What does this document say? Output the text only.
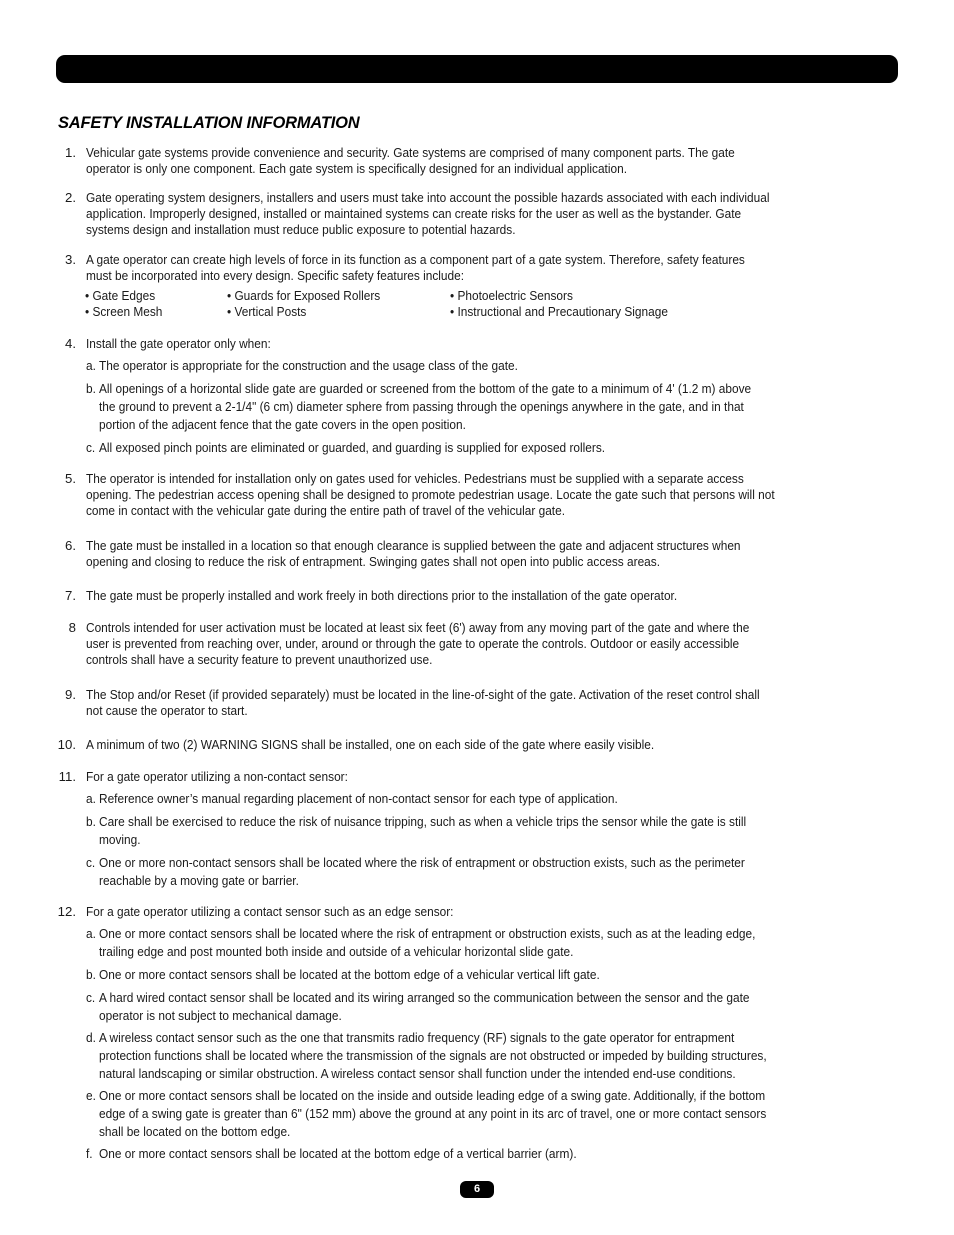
SAFETY INSTALLATION INFORMATION
1. Vehicular gate systems provide convenience and security. Gate systems are comprised of many component parts. The gate
operator is only one component. Each gate system is specifically designed for an individual application.
2. Gate operating system designers, installers and users must take into account the possible hazards associated with each individual
application. Improperly designed, installed or maintained systems can create risks for the user as well as the bystander. Gate
systems design and installation must reduce public exposure to potential hazards.
3. A gate operator can create high levels of force in its function as a component part of a gate system. Therefore, safety features
must be incorporated into every design. Specific safety features include:
• Gate Edges	• Guards for Exposed Rollers	• Photoelectric Sensors
• Screen Mesh	• Vertical Posts	• Instructional and Precautionary Signage
4. Install the gate operator only when:
a. The operator is appropriate for the construction and the usage class of the gate.
b. All openings of a horizontal slide gate are guarded or screened from the bottom of the gate to a minimum of 4' (1.2 m) above
the ground to prevent a 2-1/4" (6 cm) diameter sphere from passing through the openings anywhere in the gate, and in that
portion of the adjacent fence that the gate covers in the open position.
c. All exposed pinch points are eliminated or guarded, and guarding is supplied for exposed rollers.
5. The operator is intended for installation only on gates used for vehicles. Pedestrians must be supplied with a separate access
opening. The pedestrian access opening shall be designed to promote pedestrian usage. Locate the gate such that persons will not
come in contact with the vehicular gate during the entire path of travel of the vehicular gate.
6. The gate must be installed in a location so that enough clearance is supplied between the gate and adjacent structures when
opening and closing to reduce the risk of entrapment. Swinging gates shall not open into public access areas.
7. The gate must be properly installed and work freely in both directions prior to the installation of the gate operator.
8 Controls intended for user activation must be located at least six feet (6') away from any moving part of the gate and where the
user is prevented from reaching over, under, around or through the gate to operate the controls. Outdoor or easily accessible
controls shall have a security feature to prevent unauthorized use.
9. The Stop and/or Reset (if provided separately) must be located in the line-of-sight of the gate. Activation of the reset control shall
not cause the operator to start.
10. A minimum of two (2) WARNING SIGNS shall be installed, one on each side of the gate where easily visible.
11. For a gate operator utilizing a non-contact sensor:
a. Reference owner’s manual regarding placement of non-contact sensor for each type of application.
b. Care shall be exercised to reduce the risk of nuisance tripping, such as when a vehicle trips the sensor while the gate is still
moving.
c. One or more non-contact sensors shall be located where the risk of entrapment or obstruction exists, such as the perimeter
reachable by a moving gate or barrier.
12. For a gate operator utilizing a contact sensor such as an edge sensor:
a. One or more contact sensors shall be located where the risk of entrapment or obstruction exists, such as at the leading edge,
trailing edge and post mounted both inside and outside of a vehicular horizontal slide gate.
b. One or more contact sensors shall be located at the bottom edge of a vehicular vertical lift gate.
c. A hard wired contact sensor shall be located and its wiring arranged so the communication between the sensor and the gate
operator is not subject to mechanical damage.
d. A wireless contact sensor such as the one that transmits radio frequency (RF) signals to the gate operator for entrapment
protection functions shall be located where the transmission of the signals are not obstructed or impeded by building structures,
natural landscaping or similar obstruction. A wireless contact sensor shall function under the intended end-use conditions.
e. One or more contact sensors shall be located on the inside and outside leading edge of a swing gate. Additionally, if the bottom
edge of a swing gate is greater than 6" (152 mm) above the ground at any point in its arc of travel, one or more contact sensors
shall be located on the bottom edge.
f. One or more contact sensors shall be located at the bottom edge of a vertical barrier (arm).
6
